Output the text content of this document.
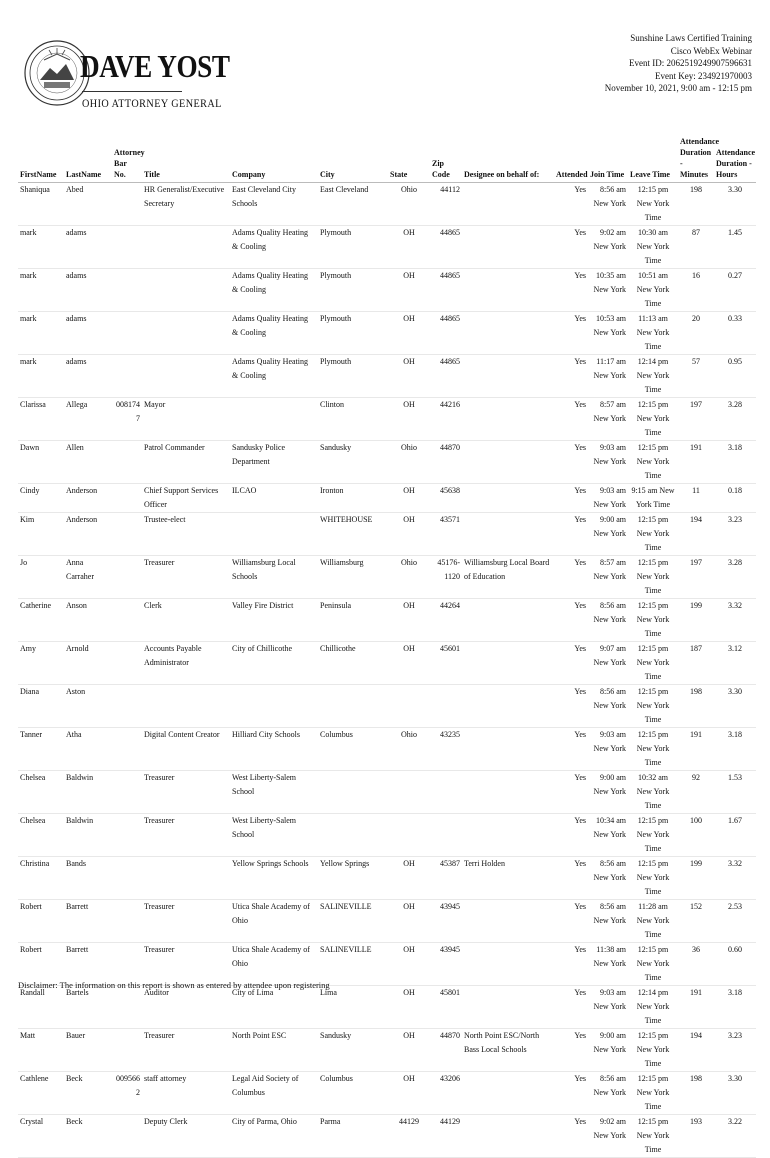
DAVE YOST
OHIO ATTORNEY GENERAL
Sunshine Laws Certified Training
Cisco WebEx Webinar
Event ID: 2062519249907596631
Event Key: 234921970003
November 10, 2021, 9:00 am - 12:15 pm
FirstName	LastName	Attorney Bar No.	Title	Company	City	State	Zip Code	Designee on behalf of:	Attended	Join Time	Leave Time	Attendance Duration - Minutes	Attendance Duration - Hours
Shaniqua	Abed		HR Generalist/Executive Secretary	East Cleveland City Schools	East Cleveland	Ohio	44112		Yes	8:56 am New York	12:15 pm New York Time	198	3.30
mark	adams			Adams Quality Heating & Cooling	Plymouth	OH	44865		Yes	9:02 am New York	10:30 am New York Time	87	1.45
mark	adams			Adams Quality Heating & Cooling	Plymouth	OH	44865		Yes	10:35 am New York	10:51 am New York Time	16	0.27
mark	adams			Adams Quality Heating & Cooling	Plymouth	OH	44865		Yes	10:53 am New York	11:13 am New York Time	20	0.33
mark	adams			Adams Quality Heating & Cooling	Plymouth	OH	44865		Yes	11:17 am New York	12:14 pm New York Time	57	0.95
Clarissa	Allega	0081747	Mayor		Clinton	OH	44216		Yes	8:57 am New York	12:15 pm New York Time	197	3.28
Dawn	Allen		Patrol Commander	Sandusky Police Department	Sandusky	Ohio	44870		Yes	9:03 am New York	12:15 pm New York Time	191	3.18
Cindy	Anderson		Chief Support Services Officer	ILCAO	Ironton	OH	45638		Yes	9:03 am New York	9:15 am New York Time	11	0.18
Kim	Anderson		Trustee-elect		WHITEHOUSE	OH	43571		Yes	9:00 am New York	12:15 pm New York Time	194	3.23
Jo	Anna Carraher		Treasurer	Williamsburg Local Schools	Williamsburg	Ohio	45176-1120	Williamsburg Local Board of Education	Yes	8:57 am New York	12:15 pm New York Time	197	3.28
Catherine	Anson		Clerk	Valley Fire District	Peninsula	OH	44264		Yes	8:56 am New York	12:15 pm New York Time	199	3.32
Amy	Arnold		Accounts Payable Administrator	City of Chillicothe	Chillicothe	OH	45601		Yes	9:07 am New York	12:15 pm New York Time	187	3.12
Diana	Aston								Yes	8:56 am New York	12:15 pm New York Time	198	3.30
Tanner	Atha		Digital Content Creator	Hilliard City Schools	Columbus	Ohio	43235		Yes	9:03 am New York	12:15 pm New York Time	191	3.18
Chelsea	Baldwin		Treasurer	West Liberty-Salem School					Yes	9:00 am New York	10:32 am New York Time	92	1.53
Chelsea	Baldwin		Treasurer	West Liberty-Salem School					Yes	10:34 am New York	12:15 pm New York Time	100	1.67
Christina	Bands			Yellow Springs Schools	Yellow Springs	OH	45387	Terri Holden	Yes	8:56 am New York	12:15 pm New York Time	199	3.32
Robert	Barrett		Treasurer	Utica Shale Academy of Ohio	SALINEVILLE	OH	43945		Yes	8:56 am New York	11:28 am New York Time	152	2.53
Robert	Barrett		Treasurer	Utica Shale Academy of Ohio	SALINEVILLE	OH	43945		Yes	11:38 am New York	12:15 pm New York Time	36	0.60
Randall	Bartels		Auditor	City of Lima	Lima	OH	45801		Yes	9:03 am New York	12:14 pm New York Time	191	3.18
Matt	Bauer		Treasurer	North Point ESC	Sandusky	OH	44870	North Point ESC/North Bass Local Schools	Yes	9:00 am New York	12:15 pm New York Time	194	3.23
Cathlene	Beck	0095662	staff attorney	Legal Aid Society of Columbus	Columbus	OH	43206		Yes	8:56 am New York	12:15 pm New York Time	198	3.30
Crystal	Beck		Deputy Clerk	City of Parma, Ohio	Parma	44129	44129		Yes	9:02 am New York	12:15 pm New York Time	193	3.22
Disclaimer: The information on this report is shown as entered by attendee upon registering
